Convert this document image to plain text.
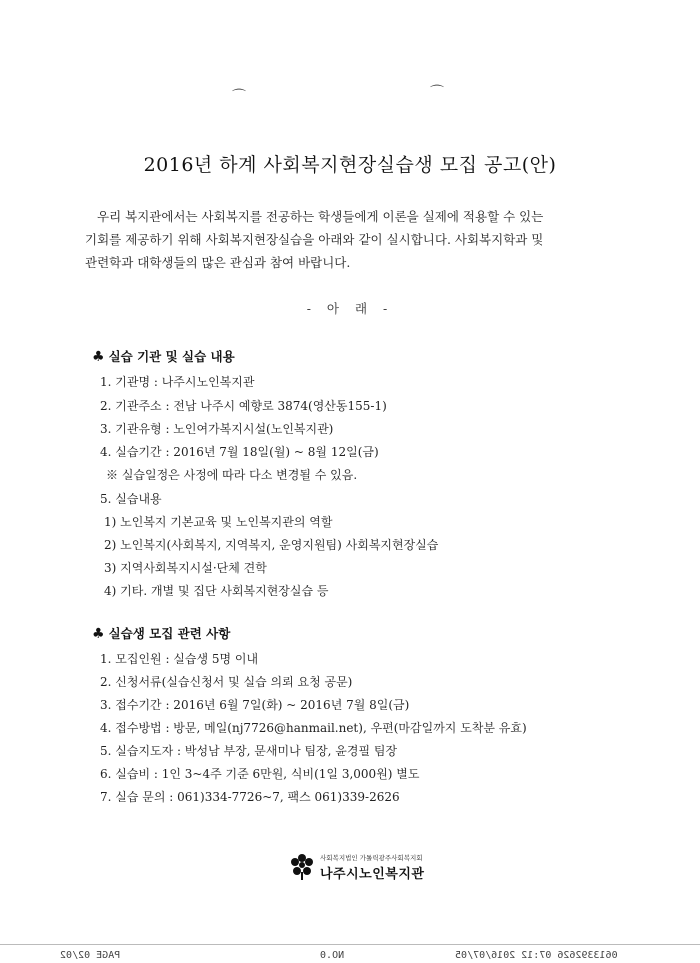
⌒	⌒
2016년 하계 사회복지현장실습생 모집 공고(안)

우리 복지관에서는 사회복지를 전공하는 학생들에게 이론을 실제에 적용할 수 있는

기회를 제공하기 위해 사회복지현장실습을 아래와 같이 실시합니다. 사회복지학과 및

관련학과 대학생들의 많은 관심과 참여 바랍니다.

- 아 래 -
♣ 실습 기관 및 실습 내용
1. 기관명 : 나주시노인복지관
2. 기관주소 : 전남 나주시 예향로 3874(영산동155-1)
3. 기관유형 : 노인여가복지시설(노인복지관)
4. 실습기간 : 2016년 7월 18일(월) ~ 8월 12일(금)
※ 실습일정은 사정에 따라 다소 변경될 수 있음.
5. 실습내용
1) 노인복지 기본교육 및 노인복지관의 역할
2) 노인복지(사회복지, 지역복지, 운영지원팀) 사회복지현장실습
3) 지역사회복지시설·단체 견학
4) 기타. 개별 및 집단 사회복지현장실습 등
♣ 실습생 모집 관련 사항
1. 모집인원 : 실습생 5명 이내
2. 신청서류(실습신청서 및 실습 의뢰 요청 공문)
3. 접수기간 : 2016년 6월 7일(화) ~ 2016년 7월 8일(금)
4. 접수방법 : 방문, 메일(nj7726@hanmail.net), 우편(마감일까지 도착분 유효)
5. 실습지도자 : 박성남 부장, 문새미나 팀장, 윤경필 팀장
6. 실습비 : 1인 3~4주 기준 6만원, 식비(1일 3,000원) 별도
7. 실습 문의 : 061)334-7726~7, 팩스 061)339-2626
사회복지법인 가톨릭광주사회복지회
나주시노인복지관
PAGE 02/02	NO.0	0613392626 07:12 2016/07/05
